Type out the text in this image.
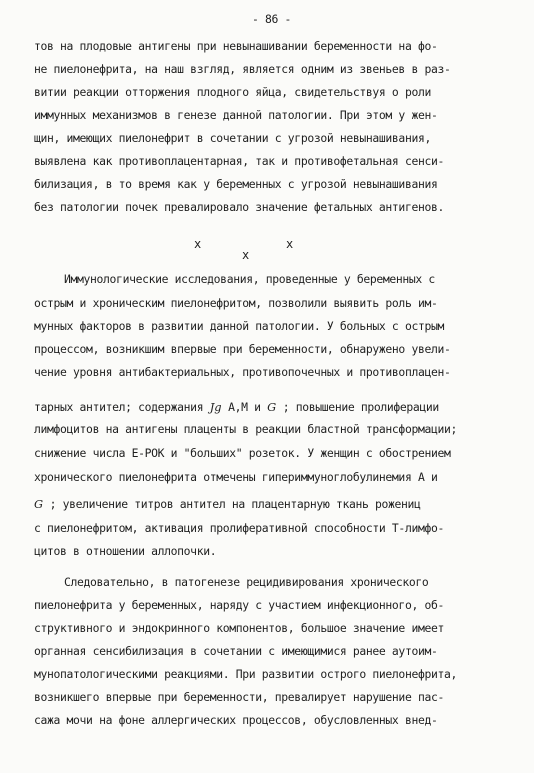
- 86 -
тов на плодовые антигены при невынашивании беременности на фо-
не пиелонефрита, на наш взгляд, является одним из звеньев в раз-
витии реакции отторжения плодного яйца, свидетельствуя о роли
иммунных механизмов в генезе данной патологии. При этом у жен-
щин, имеющих пиелонефрит в сочетании с угрозой невынашивания,
выявлена как противоплацентарная, так и противофетальная сенси-
билизация, в то время как у беременных с угрозой невынашивания
без патологии почек превалировало значение фетальных антигенов.
х
х
х
Иммунологические исследования, проведенные у беременных с
острым и хроническим пиелонефритом, позволили выявить роль им-
мунных факторов в развитии данной патологии. У больных с острым
процессом, возникшим впервые при беременности, обнаружено увели-
чение уровня антибактериальных, противопочечных и противоплацен-
тарных антител; содержания Jg А,М и G ; повышение пролиферации
лимфоцитов на антигены плаценты в реакции бластной трансформации;
снижение числа Е-РОК и "больших" розеток. У женщин с обострением
хронического пиелонефрита отмечены гипериммуноглобулинемия А и
G ; увеличение титров антител на плацентарную ткань рожениц
с пиелонефритом, активация пролиферативной способности Т-лимфо-
цитов в отношении аллопочки.
Следовательно, в патогенезе рецидивирования хронического
пиелонефрита у беременных, наряду с участием инфекционного, об-
структивного и эндокринного компонентов, большое значение имеет
органная сенсибилизация в сочетании с имеющимися ранее аутоим-
мунопатологическими реакциями. При развитии острого пиелонефрита,
возникшего впервые при беременности, превалирует нарушение пас-
сажа мочи на фоне аллергических процессов, обусловленных внед-
